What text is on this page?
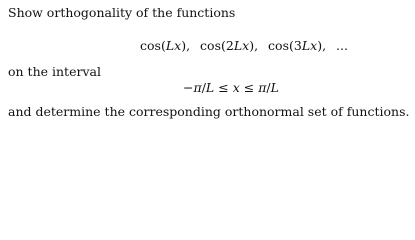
Show orthogonality of the functions
cos(Lx), cos(2Lx), cos(3Lx), ...
on the interval
−π/L ≤ x ≤ π/L
and determine the corresponding orthonormal set of functions.
